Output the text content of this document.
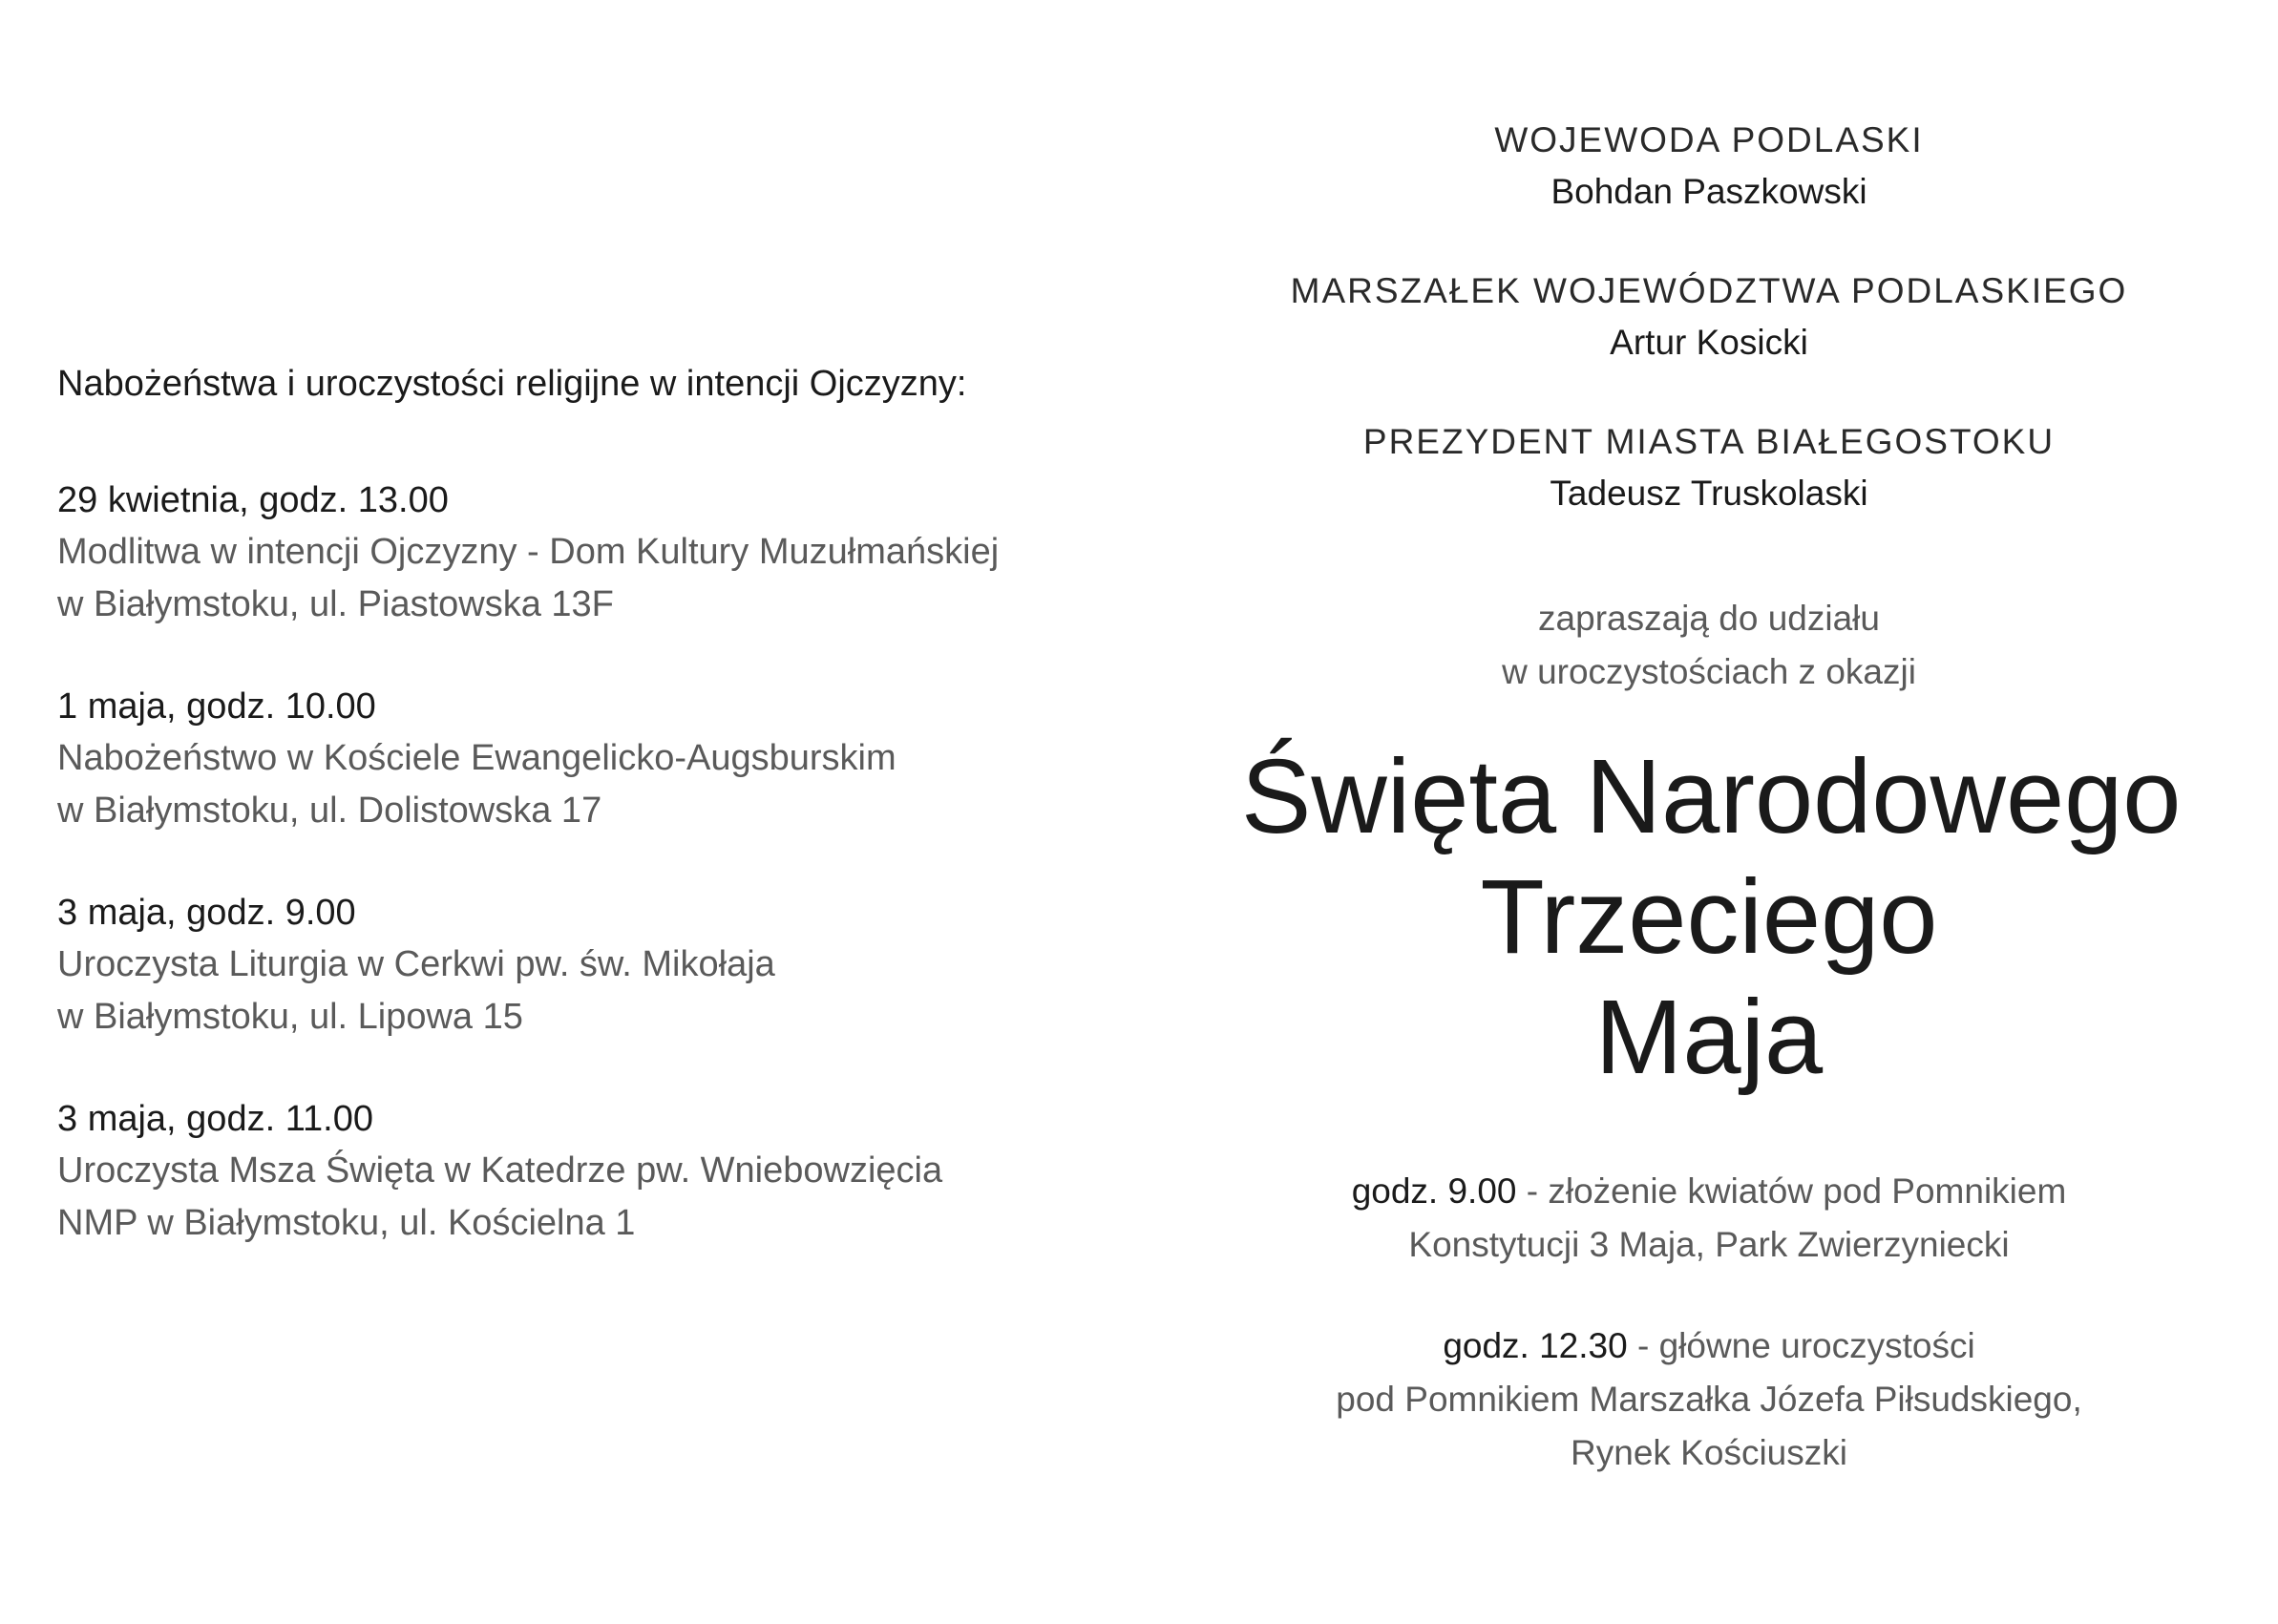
Nabożeństwa i uroczystości religijne w intencji Ojczyzny:
29 kwietnia, godz. 13.00
Modlitwa w intencji Ojczyzny - Dom Kultury Muzułmańskiej
w Białymstoku, ul. Piastowska 13F
1 maja, godz. 10.00
Nabożeństwo w Kościele Ewangelicko-Augsburskim
w Białymstoku, ul. Dolistowska 17
3 maja, godz. 9.00
Uroczysta Liturgia w Cerkwi pw. św. Mikołaja
w Białymstoku, ul. Lipowa 15
3 maja, godz. 11.00
Uroczysta Msza Święta w Katedrze pw. Wniebowzięcia
NMP w Białymstoku, ul. Kościelna 1
WOJEWODA PODLASKI
Bohdan Paszkowski
MARSZAŁEK WOJEWÓDZTWA PODLASKIEGO
Artur Kosicki
PREZYDENT MIASTA BIAŁEGOSTOKU
Tadeusz Truskolaski
zapraszają do udziału
w uroczystościach z okazji
Święta Narodowego
Trzeciego
Maja
godz. 9.00 - złożenie kwiatów pod Pomnikiem
Konstytucji 3 Maja, Park Zwierzyniecki
godz. 12.30 - główne uroczystości
pod Pomnikiem Marszałka Józefa Piłsudskiego,
Rynek Kościuszki
